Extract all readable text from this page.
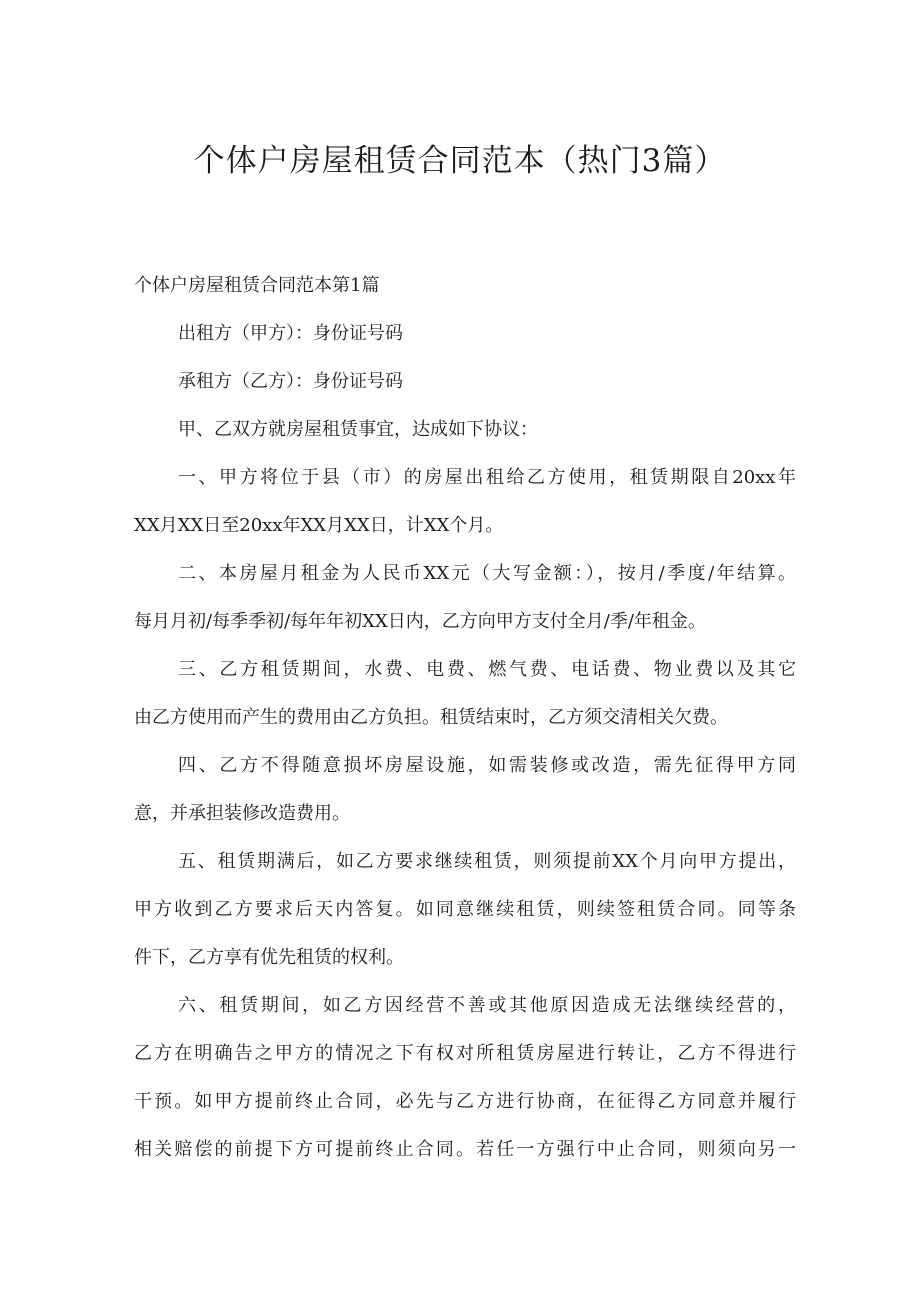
个体户房屋租赁合同范本（热门3篇）
个体户房屋租赁合同范本第1篇
出租方（甲方）：身份证号码
承租方（乙方）：身份证号码
甲、乙双方就房屋租赁事宜，达成如下协议：
一、甲方将位于县（市）的房屋出租给乙方使用，租赁期限自20xx年
XX月XX日至20xx年XX月XX日，计XX个月。
二、本房屋月租金为人民币XX元（大写金额：），按月/季度/年结算。
每月月初/每季季初/每年年初XX日内，乙方向甲方支付全月/季/年租金。
三、乙方租赁期间，水费、电费、燃气费、电话费、物业费以及其它
由乙方使用而产生的费用由乙方负担。租赁结束时，乙方须交清相关欠费。
四、乙方不得随意损坏房屋设施，如需装修或改造，需先征得甲方同
意，并承担装修改造费用。
五、租赁期满后，如乙方要求继续租赁，则须提前XX个月向甲方提出，
甲方收到乙方要求后天内答复。如同意继续租赁，则续签租赁合同。同等条
件下，乙方享有优先租赁的权利。
六、租赁期间，如乙方因经营不善或其他原因造成无法继续经营的，
乙方在明确告之甲方的情况之下有权对所租赁房屋进行转让，乙方不得进行
干预。如甲方提前终止合同，必先与乙方进行协商，在征得乙方同意并履行
相关赔偿的前提下方可提前终止合同。若任一方强行中止合同，则须向另一
